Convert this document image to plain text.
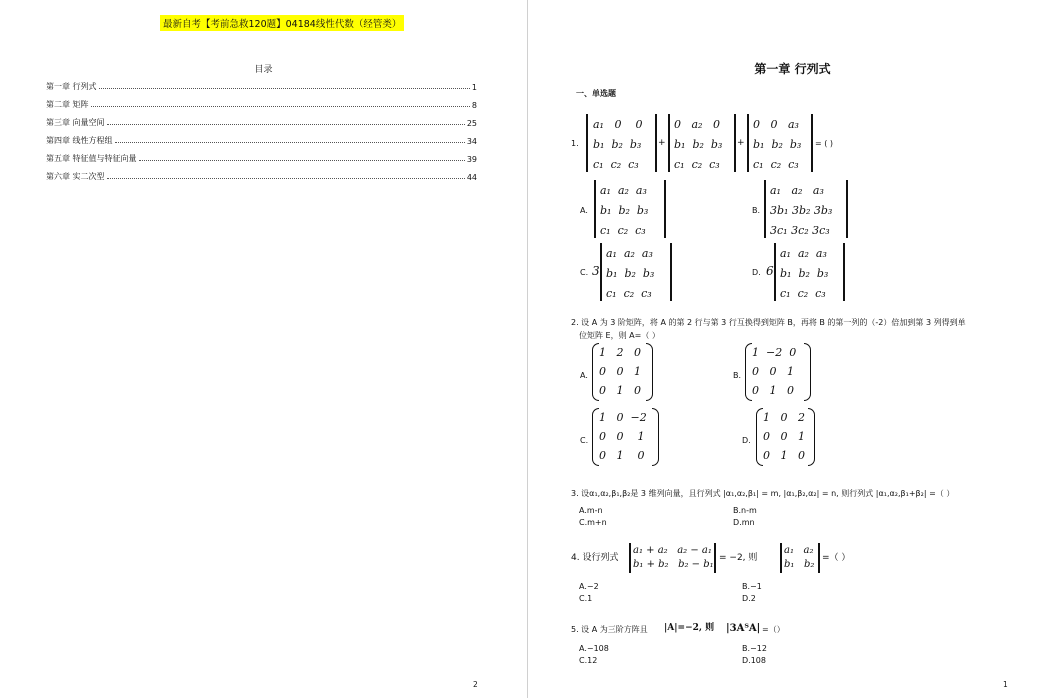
最新自考【考前急救120题】04184线性代数（经管类）
目录
第一章 行列式	1
第二章 矩阵	8
第三章 向量空间	25
第四章 线性方程组	34
第五章 特征值与特征向量	39
第六章 实二次型	44
2
第一章 行列式
一、单选题
1.
a₁   0    0
b₁  b₂  b₃
c₁  c₂  c₃
+
0   a₂   0
b₁  b₂  b₃
c₁  c₂  c₃
+
0   0   a₃
b₁  b₂  b₃
c₁  c₂  c₃
= ( )
A.
a₁  a₂  a₃
b₁  b₂  b₃
c₁  c₂  c₃
B.
a₁   a₂   a₃
3b₁ 3b₂ 3b₃
3c₁ 3c₂ 3c₃
C. 3
a₁  a₂  a₃
b₁  b₂  b₃
c₁  c₂  c₃
D. 6
a₁  a₂  a₃
b₁  b₂  b₃
c₁  c₂  c₃
2. 设 A 为 3 阶矩阵，将 A 的第 2 行与第 3 行互换得到矩阵 B，再将 B 的第一列的（-2）倍加到第 3 列得到单
位矩阵 E，则 A=（ ）
A.
1   2   0
0   0   1
0   1   0
B.
1  −2  0
0   0   1
0   1   0
C.
1   0  −2
0   0    1
0   1    0
D.
1   0   2
0   0   1
0   1   0
3. 设α₁,α₂,β₁,β₂是 3 维列向量，且行列式 |α₁,α₂,β₁| = m, |α₁,β₂,α₂| = n, 则行列式 |α₁,α₂,β₁+β₂| =（ ）
A.m-n	B.n-m
C.m+n	D.mn
4. 设行列式
a₁ + a₂   a₂ − a₁
b₁ + b₂   b₂ − b₁
= −2, 则
a₁   a₂
b₁   b₂
=（ ）
A.−2	B.−1
C.1	D.2
5. 设 A 为三阶方阵且 |A|=−2, 则 |3AᵀA| =（）
A.−108	B.−12
C.12	D.108
1
